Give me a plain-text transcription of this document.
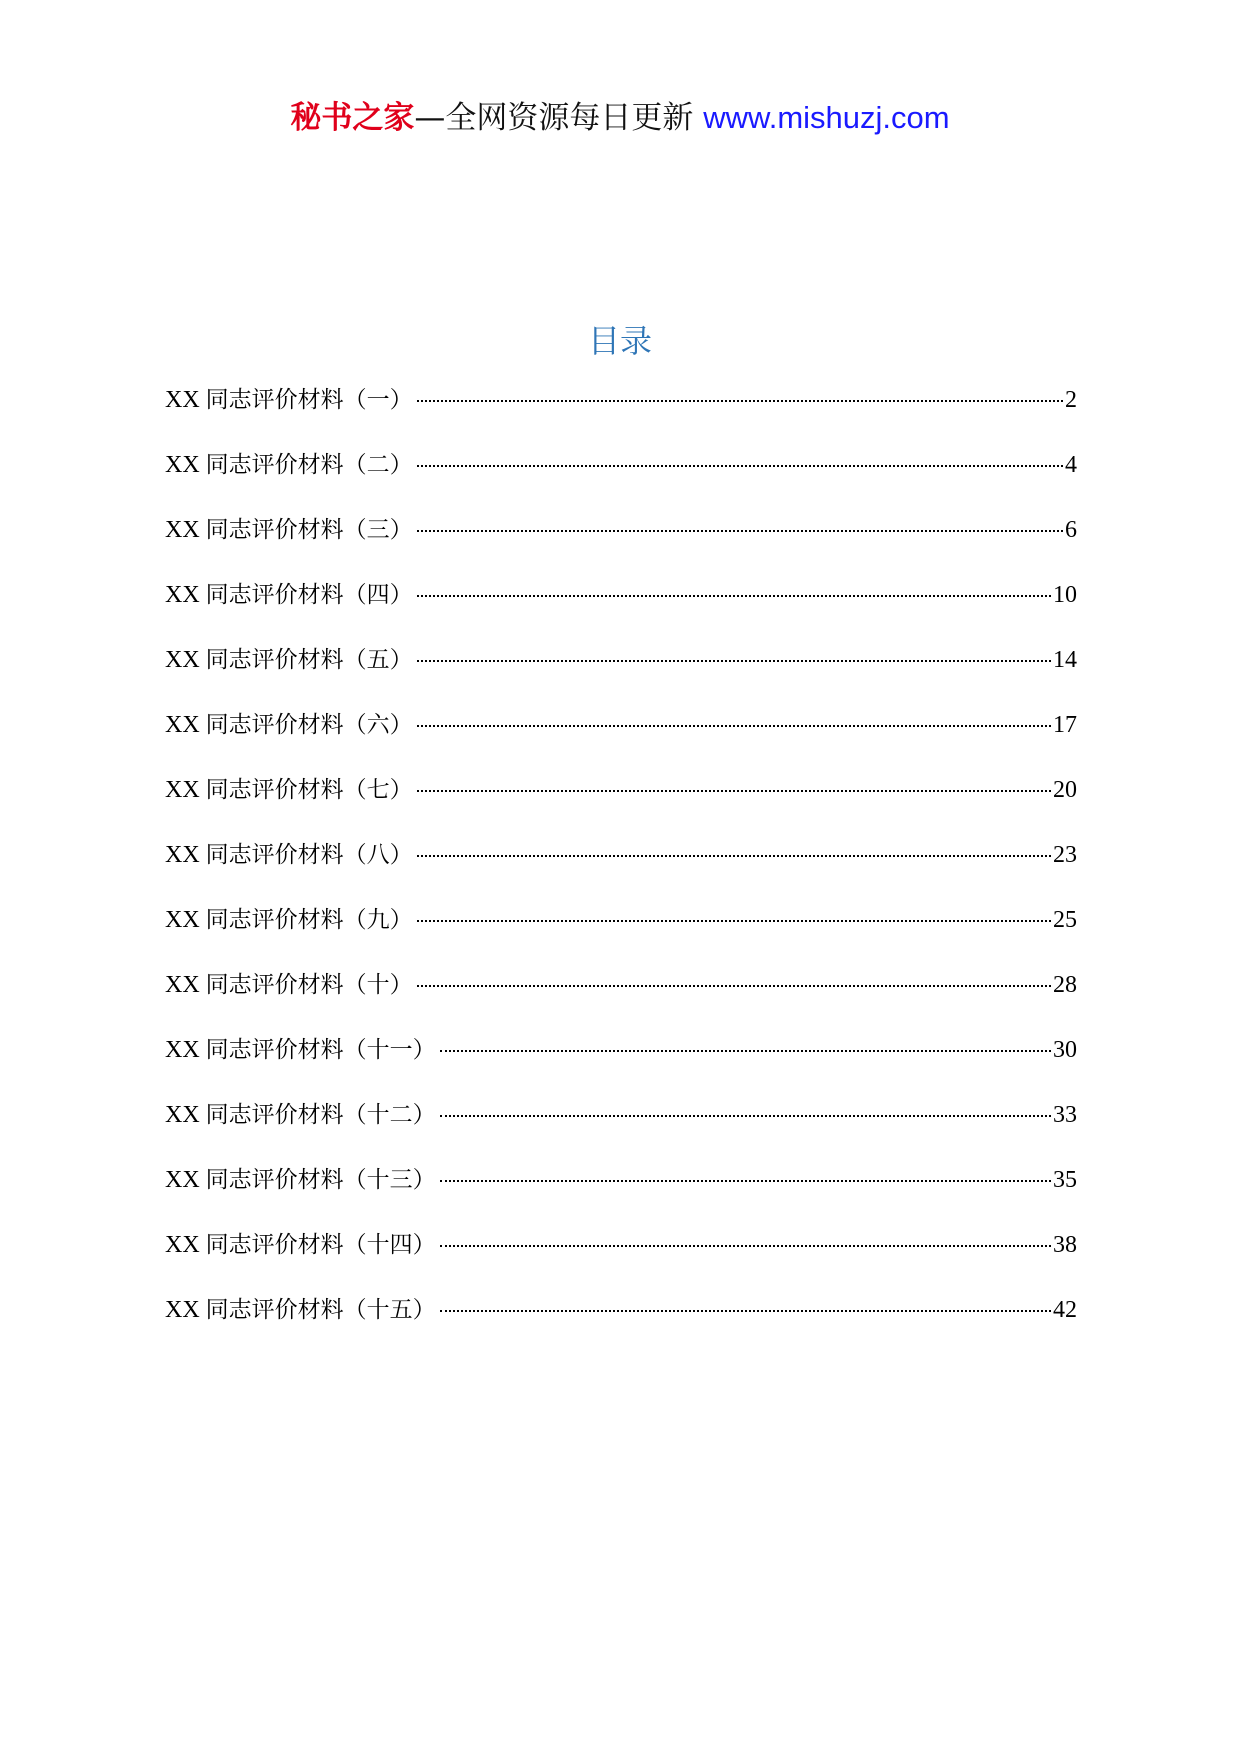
秘书之家—全网资源每日更新 www.mishuzj.com
目录
XX 同志评价材料（一）	2
XX 同志评价材料（二）	4
XX 同志评价材料（三）	6
XX 同志评价材料（四）	10
XX 同志评价材料（五）	14
XX 同志评价材料（六）	17
XX 同志评价材料（七）	20
XX 同志评价材料（八）	23
XX 同志评价材料（九）	25
XX 同志评价材料（十）	28
XX 同志评价材料（十一）	30
XX 同志评价材料（十二）	33
XX 同志评价材料（十三）	35
XX 同志评价材料（十四）	38
XX 同志评价材料（十五）	42
